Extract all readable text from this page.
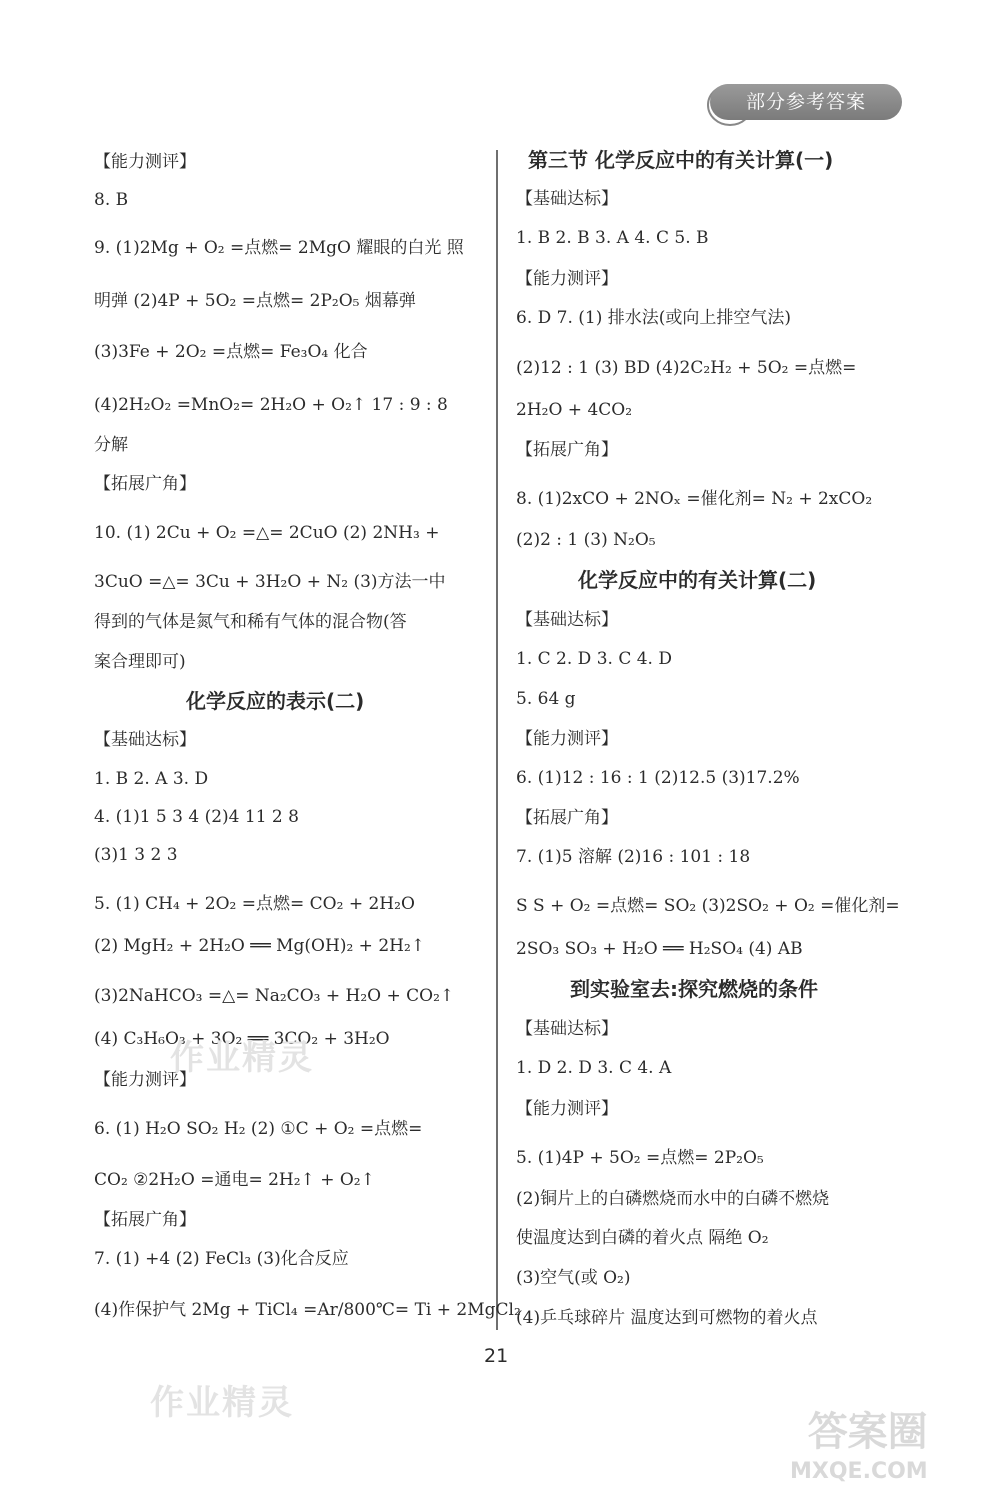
部分参考答案
【能力测评】
8. B
9. (1)2Mg + O₂ =点燃= 2MgO 耀眼的白光 照
明弹 (2)4P + 5O₂ =点燃= 2P₂O₅ 烟幕弹
(3)3Fe + 2O₂ =点燃= Fe₃O₄ 化合
(4)2H₂O₂ =MnO₂= 2H₂O + O₂↑ 17 : 9 : 8
分解
【拓展广角】
10. (1) 2Cu + O₂ =△= 2CuO (2) 2NH₃ +
3CuO =△= 3Cu + 3H₂O + N₂ (3)方法一中
得到的气体是氮气和稀有气体的混合物(答
案合理即可)
化学反应的表示(二)
【基础达标】
1. B 2. A 3. D
4. (1)1 5 3 4 (2)4 11 2 8
(3)1 3 2 3
5. (1) CH₄ + 2O₂ =点燃= CO₂ + 2H₂O
(2) MgH₂ + 2H₂O ══ Mg(OH)₂ + 2H₂↑
(3)2NaHCO₃ =△= Na₂CO₃ + H₂O + CO₂↑
(4) C₃H₆O₃ + 3O₂ ══ 3CO₂ + 3H₂O
【能力测评】
6. (1) H₂O SO₂ H₂ (2) ①C + O₂ =点燃=
CO₂ ②2H₂O =通电= 2H₂↑ + O₂↑
【拓展广角】
7. (1) +4 (2) FeCl₃ (3)化合反应
(4)作保护气 2Mg + TiCl₄ =Ar/800℃= Ti + 2MgCl₂
第三节 化学反应中的有关计算(一)
【基础达标】
1. B 2. B 3. A 4. C 5. B
【能力测评】
6. D 7. (1) 排水法(或向上排空气法)
(2)12 : 1 (3) BD (4)2C₂H₂ + 5O₂ =点燃=
2H₂O + 4CO₂
【拓展广角】
8. (1)2xCO + 2NOₓ =催化剂= N₂ + 2xCO₂
(2)2 : 1 (3) N₂O₅
化学反应中的有关计算(二)
【基础达标】
1. C 2. D 3. C 4. D
5. 64 g
【能力测评】
6. (1)12 : 16 : 1 (2)12.5 (3)17.2%
【拓展广角】
7. (1)5 溶解 (2)16 : 101 : 18
S S + O₂ =点燃= SO₂ (3)2SO₂ + O₂ =催化剂=
2SO₃ SO₃ + H₂O ══ H₂SO₄ (4) AB
到实验室去:探究燃烧的条件
【基础达标】
1. D 2. D 3. C 4. A
【能力测评】
5. (1)4P + 5O₂ =点燃= 2P₂O₅
(2)铜片上的白磷燃烧而水中的白磷不燃烧
使温度达到白磷的着火点 隔绝 O₂
(3)空气(或 O₂)
(4)乒乓球碎片 温度达到可燃物的着火点
21
作业精灵
作业精灵
答案圈
MXQE.COM
